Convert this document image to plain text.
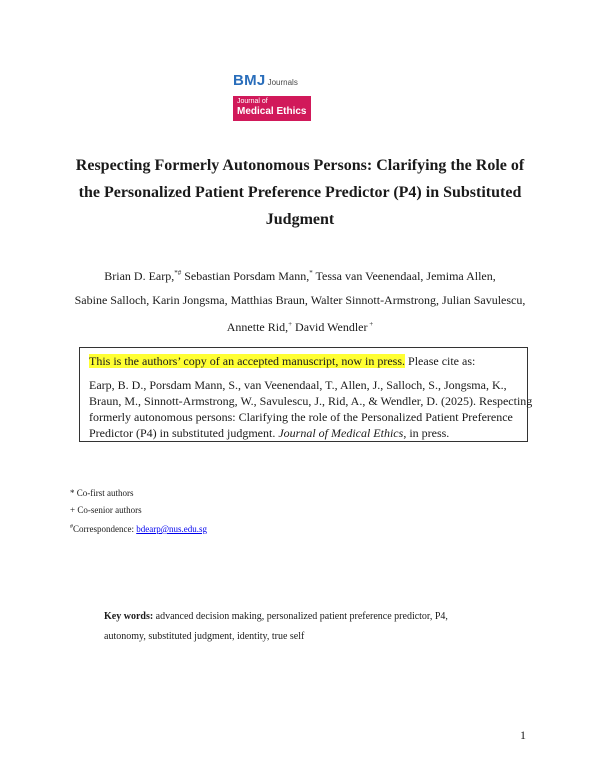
BMJ Journals
Journal of
Medical Ethics
Respecting Formerly Autonomous Persons: Clarifying the Role of
the Personalized Patient Preference Predictor (P4) in Substituted
Judgment
Brian D. Earp,*# Sebastian Porsdam Mann,* Tessa van Veenendaal, Jemima Allen,
Sabine Salloch, Karin Jongsma, Matthias Braun, Walter Sinnott-Armstrong, Julian Savulescu,
Annette Rid,+ David Wendler +
This is the authors’ copy of an accepted manuscript, now in press. Please cite as:
Earp, B. D., Porsdam Mann, S., van Veenendaal, T., Allen, J., Salloch, S., Jongsma, K.,
Braun, M., Sinnott-Armstrong, W., Savulescu, J., Rid, A., & Wendler, D. (2025). Respecting
formerly autonomous persons: Clarifying the role of the Personalized Patient Preference
Predictor (P4) in substituted judgment. Journal of Medical Ethics, in press.
* Co-first authors
+ Co-senior authors
#Correspondence: bdearp@nus.edu.sg
Key words: advanced decision making, personalized patient preference predictor, P4,
autonomy, substituted judgment, identity, true self
1
